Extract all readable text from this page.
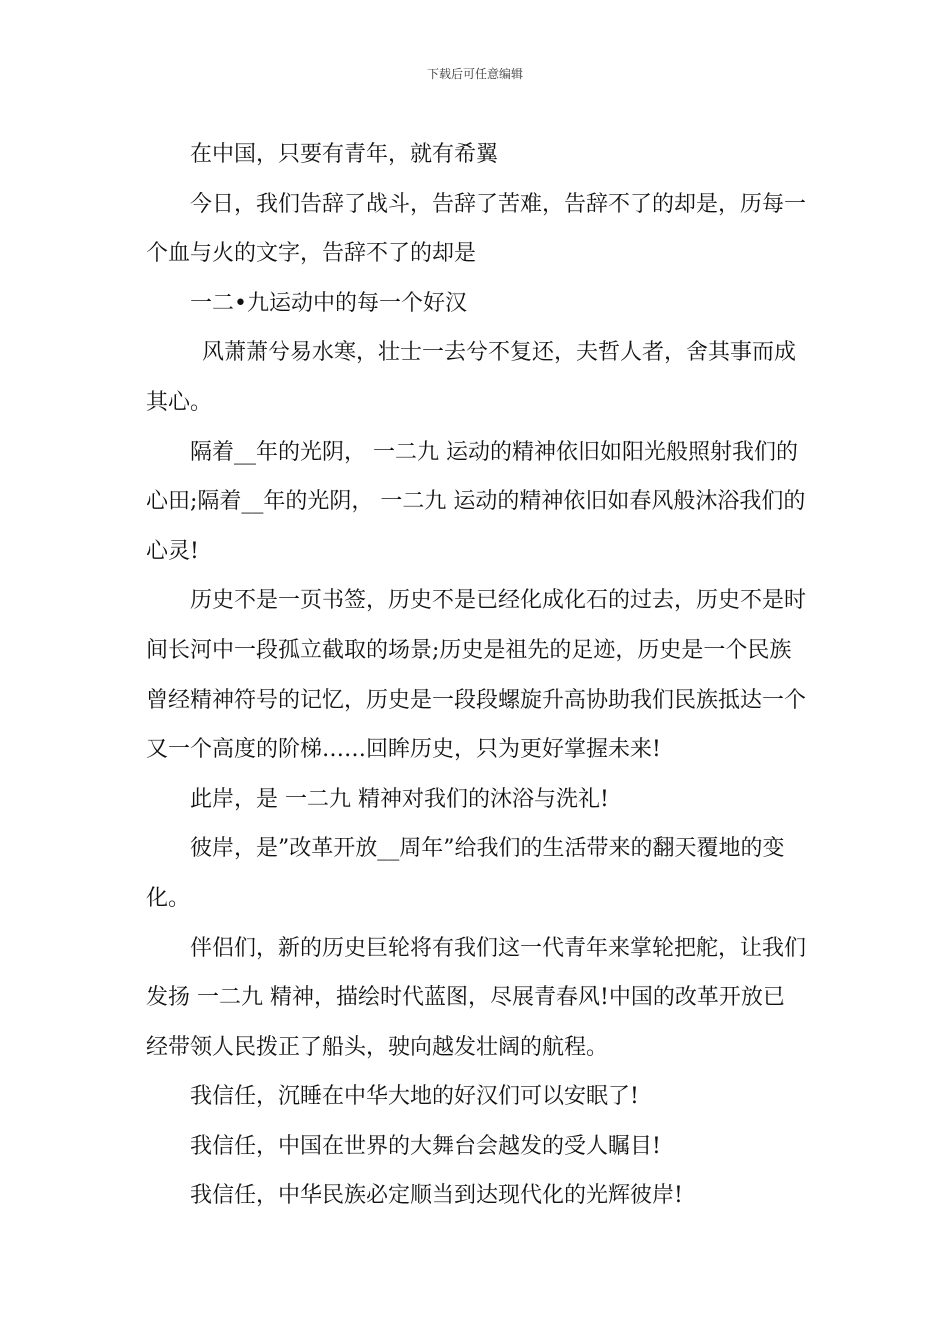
下载后可任意编辑

在中国，只要有青年，就有希翼

今日，我们告辞了战斗，告辞了苦难，告辞不了的却是，历每一个血与火的文字，告辞不了的却是

一二•九运动中的每一个好汉

风萧萧兮易水寒，壮士一去兮不复还，夫哲人者，舍其事而成其心。

隔着__年的光阴， 一二九 运动的精神依旧如阳光般照射我们的心田;隔着__年的光阴， 一二九 运动的精神依旧如春风般沐浴我们的心灵!

历史不是一页书签，历史不是已经化成化石的过去，历史不是时间长河中一段孤立截取的场景;历史是祖先的足迹，历史是一个民族曾经精神符号的记忆，历史是一段段螺旋升高协助我们民族抵达一个又一个高度的阶梯……回眸历史，只为更好掌握未来!

此岸，是 一二九 精神对我们的沐浴与洗礼!

彼岸，是”改革开放__周年”给我们的生活带来的翻天覆地的变化。

伴侣们，新的历史巨轮将有我们这一代青年来掌轮把舵，让我们发扬 一二九 精神，描绘时代蓝图，尽展青春风!中国的改革开放已经带领人民拨正了船头，驶向越发壮阔的航程。

我信任，沉睡在中华大地的好汉们可以安眠了!

我信任，中国在世界的大舞台会越发的受人瞩目!

我信任，中华民族必定顺当到达现代化的光辉彼岸!
